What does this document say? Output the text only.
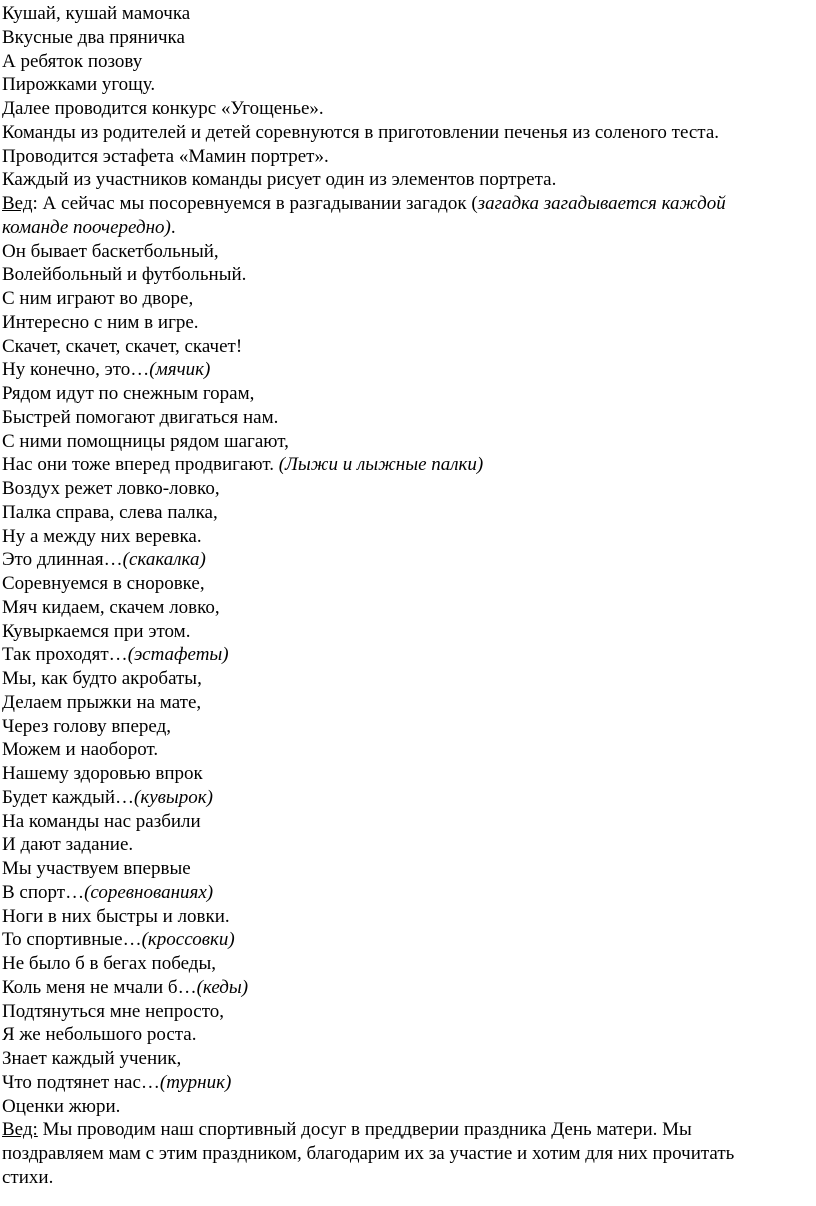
Кушай, кушай мамочка
Вкусные два пряничка
А ребяток позову
Пирожками угощу.
Далее проводится конкурс «Угощенье».
Команды из родителей и детей соревнуются в приготовлении печенья из соленого теста.
Проводится эстафета «Мамин портрет».
Каждый из участников команды рисует один из элементов портрета.
Вед: А сейчас мы посоревнуемся в разгадывании загадок (загадка загадывается каждой
команде поочередно).
Он бывает баскетбольный,
Волейбольный и футбольный.
С ним играют во дворе,
Интересно с ним в игре.
Скачет, скачет, скачет, скачет!
Ну конечно, это…(мячик)
Рядом идут по снежным горам,
Быстрей помогают двигаться нам.
С ними помощницы рядом шагают,
Нас они тоже вперед продвигают. (Лыжи и лыжные палки)
Воздух режет ловко-ловко,
Палка справа, слева палка,
Ну а между них веревка.
Это длинная…(скакалка)
Соревнуемся в сноровке,
Мяч кидаем, скачем ловко,
Кувыркаемся при этом.
Так проходят…(эстафеты)
Мы, как будто акробаты,
Делаем прыжки на мате,
Через голову вперед,
Можем и наоборот.
Нашему здоровью впрок
Будет каждый…(кувырок)
На команды нас разбили
И дают задание.
Мы участвуем впервые
В спорт…(соревнованиях)
Ноги в них быстры и ловки.
То спортивные…(кроссовки)
Не было б в бегах победы,
Коль меня не мчали б…(кеды)
Подтянуться мне непросто,
Я же небольшого роста.
Знает каждый ученик,
Что подтянет нас…(турник)
Оценки жюри.
Вед: Мы проводим наш спортивный досуг в преддверии праздника День матери. Мы
поздравляем мам с этим праздником, благодарим их за участие и хотим для них прочитать
стихи.
